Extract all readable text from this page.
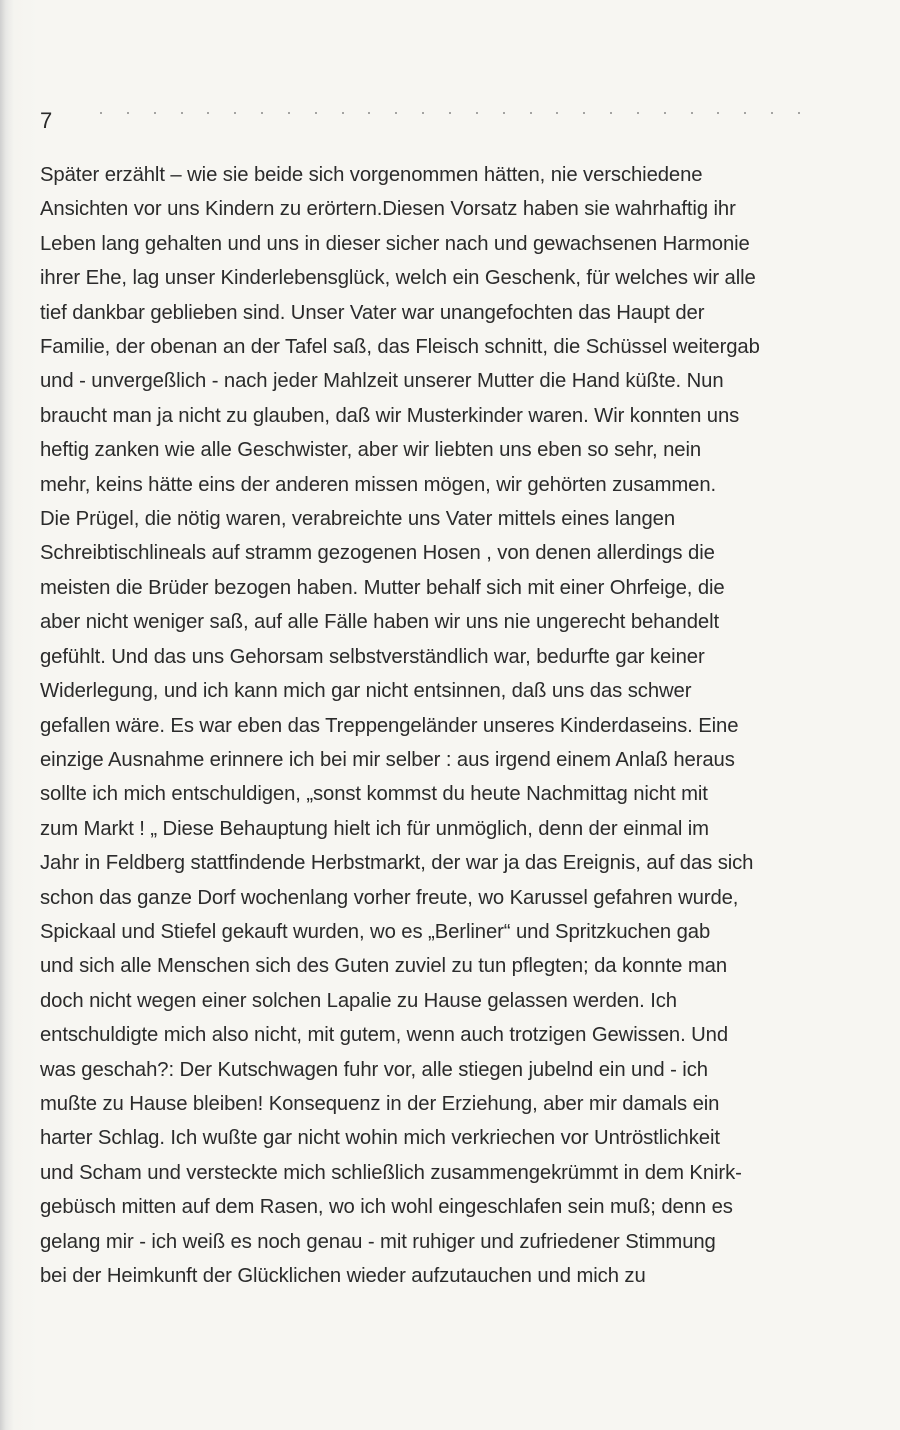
7
Später erzählt – wie sie beide sich vorgenommen hätten, nie verschiedene
Ansichten vor uns Kindern zu erörtern.Diesen Vorsatz haben sie wahrhaftig ihr
Leben lang gehalten und uns in dieser sicher nach und gewachsenen Harmonie
ihrer Ehe, lag unser Kinderlebensglück, welch ein Geschenk, für welches wir alle
tief dankbar geblieben sind. Unser Vater war unangefochten das Haupt der
Familie, der obenan an der Tafel saß, das Fleisch schnitt, die Schüssel weitergab
und - unvergeßlich - nach jeder Mahlzeit unserer Mutter die Hand küßte. Nun
braucht man ja nicht zu glauben, daß wir Musterkinder waren. Wir konnten uns
heftig zanken wie alle Geschwister, aber wir liebten uns eben so sehr, nein
mehr, keins hätte eins der anderen missen mögen, wir gehörten zusammen.
Die Prügel, die nötig waren, verabreichte uns Vater mittels eines langen
Schreibtischlineals auf stramm gezogenen Hosen , von denen allerdings die
meisten die Brüder bezogen haben. Mutter behalf sich mit einer Ohrfeige, die
aber nicht weniger saß, auf alle Fälle haben wir uns nie ungerecht behandelt
gefühlt. Und das uns Gehorsam selbstverständlich war, bedurfte gar keiner
Widerlegung, und ich kann mich gar nicht entsinnen, daß uns das schwer
gefallen wäre. Es war eben das Treppengeländer unseres Kinderdaseins. Eine
einzige Ausnahme erinnere ich bei mir selber : aus irgend einem Anlaß heraus
sollte ich mich entschuldigen, „sonst kommst du heute Nachmittag nicht mit
zum Markt ! „ Diese Behauptung hielt ich für unmöglich, denn der einmal im
Jahr in Feldberg stattfindende Herbstmarkt, der war ja das Ereignis, auf das sich
schon das ganze Dorf wochenlang vorher freute, wo Karussel gefahren wurde,
Spickaal und Stiefel gekauft wurden, wo es „Berliner“ und Spritzkuchen gab
und sich alle Menschen sich des Guten zuviel zu tun pflegten; da konnte man
doch nicht wegen einer solchen Lapalie zu Hause gelassen werden. Ich
entschuldigte mich also nicht, mit gutem, wenn auch trotzigen Gewissen. Und
was geschah?: Der Kutschwagen fuhr vor, alle stiegen jubelnd ein und - ich
mußte zu Hause bleiben! Konsequenz in der Erziehung, aber mir damals ein
harter Schlag. Ich wußte gar nicht wohin mich verkriechen vor Untröstlichkeit
und Scham und versteckte mich schließlich zusammengekrümmt in dem Knirk-
gebüsch mitten auf dem Rasen, wo ich wohl eingeschlafen sein muß; denn es
gelang mir - ich weiß es noch genau - mit ruhiger und zufriedener Stimmung
bei der Heimkunft der Glücklichen wieder aufzutauchen und mich zu
